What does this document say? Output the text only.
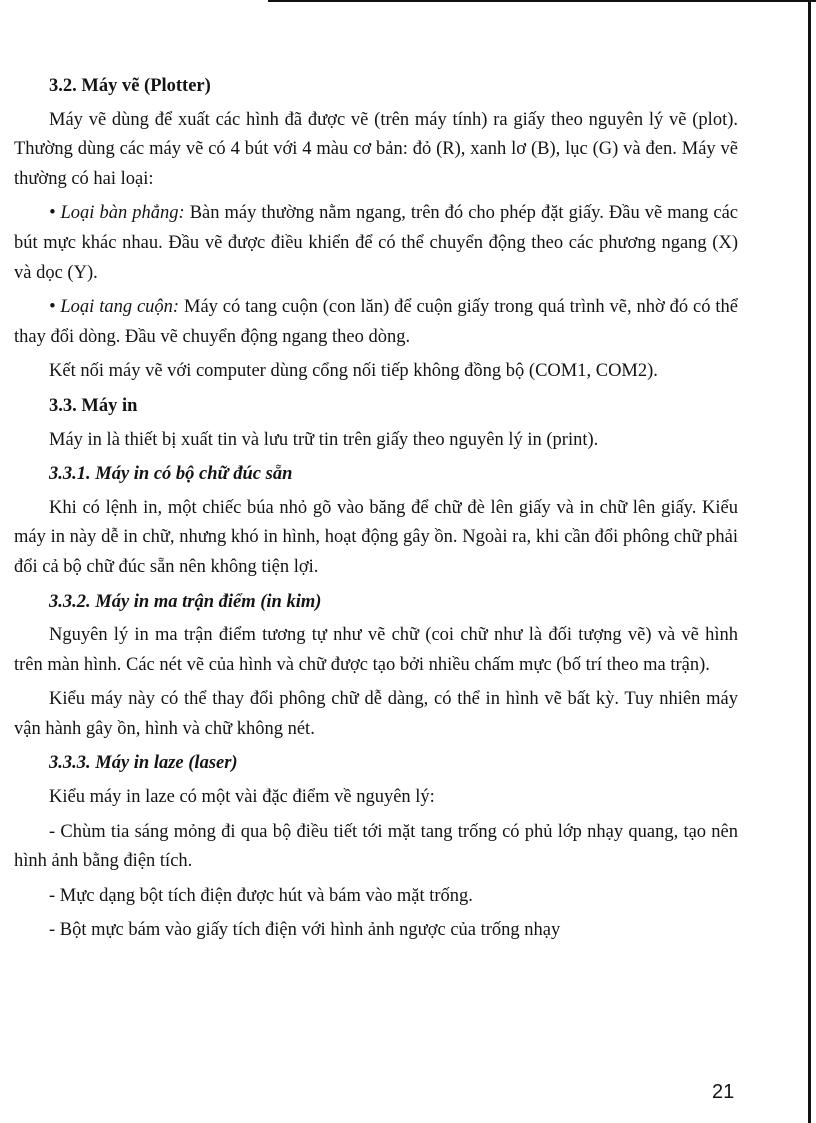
3.2. Máy vẽ (Plotter)

Máy vẽ dùng để xuất các hình đã được vẽ (trên máy tính) ra giấy theo nguyên lý vẽ (plot). Thường dùng các máy vẽ có 4 bút với 4 màu cơ bản: đỏ (R), xanh lơ (B), lục (G) và đen. Máy vẽ thường có hai loại:

• Loại bàn phẳng: Bàn máy thường nằm ngang, trên đó cho phép đặt giấy. Đầu vẽ mang các bút mực khác nhau. Đầu vẽ được điều khiển để có thể chuyển động theo các phương ngang (X) và dọc (Y).

• Loại tang cuộn: Máy có tang cuộn (con lăn) để cuộn giấy trong quá trình vẽ, nhờ đó có thể thay đổi dòng. Đầu vẽ chuyển động ngang theo dòng.

Kết nối máy vẽ với computer dùng cổng nối tiếp không đồng bộ (COM1, COM2).

3.3. Máy in

Máy in là thiết bị xuất tin và lưu trữ tin trên giấy theo nguyên lý in (print).

3.3.1. Máy in có bộ chữ đúc sẵn

Khi có lệnh in, một chiếc búa nhỏ gõ vào băng để chữ đè lên giấy và in chữ lên giấy. Kiểu máy in này dễ in chữ, nhưng khó in hình, hoạt động gây ồn. Ngoài ra, khi cần đổi phông chữ phải đổi cả bộ chữ đúc sẵn nên không tiện lợi.

3.3.2. Máy in ma trận điểm (in kim)

Nguyên lý in ma trận điểm tương tự như vẽ chữ (coi chữ như là đối tượng vẽ) và vẽ hình trên màn hình. Các nét vẽ của hình và chữ được tạo bởi nhiều chấm mực (bố trí theo ma trận).

Kiểu máy này có thể thay đổi phông chữ dễ dàng, có thể in hình vẽ bất kỳ. Tuy nhiên máy vận hành gây ồn, hình và chữ không nét.

3.3.3. Máy in laze (laser)

Kiểu máy in laze có một vài đặc điểm về nguyên lý:

- Chùm tia sáng mỏng đi qua bộ điều tiết tới mặt tang trống có phủ lớp nhạy quang, tạo nên hình ảnh bằng điện tích.

- Mực dạng bột tích điện được hút và bám vào mặt trống.

- Bột mực bám vào giấy tích điện với hình ảnh ngược của trống nhạy

21
